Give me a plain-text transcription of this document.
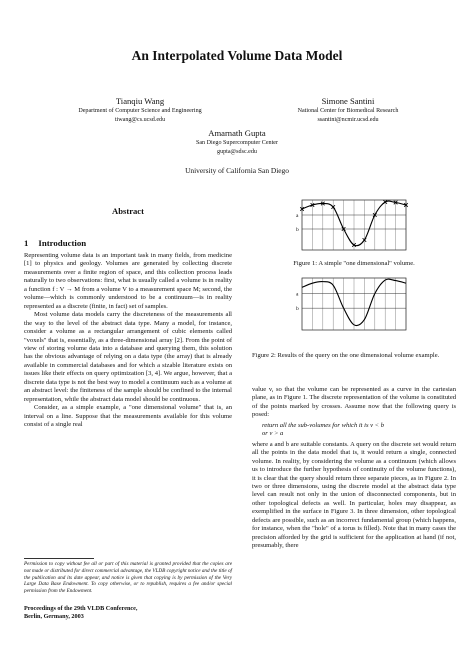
An Interpolated Volume Data Model
Tianqiu Wang
Department of Computer Science and Engineering
tiwang@cs.ucsd.edu
Simone Santini
National Center for Biomedical Research
ssantini@ncmir.ucsd.edu
Amarnath Gupta
San Diego Supercomputer Center
gupta@sdsc.edu
University of California San Diego
Abstract
1 Introduction

Representing volume data is an important task in many fields, from medicine [1] to physics and geology. Volumes are generated by collecting discrete measurements over a finite region of space, and this collection process leads naturally to two observations: first, what is usually called a volume is in reality a function f : V → M from a volume V to a measurement space M; second, the volume—which is commonly understood to be a continuum—is in reality represented as a discrete (finite, in fact) set of samples.

Most volume data models carry the discreteness of the measurements all the way to the level of the abstract data type. Many a model, for instance, consider a volume as a rectangular arrangement of cubic elements called "voxels" that is, essentially, as a three-dimensional array [2]. From the point of view of storing volume data into a database and querying them, this solution has the obvious advantage of relying on a data type (the array) that is already available in commercial databases and for which a sizable literature exists on issues like their effects on query optimization [3, 4]. We argue, however, that a discrete data type is not the best way to model a continuum such as a volume at an abstract level: the finiteness of the sample should be confined to the internal representation, while the abstract data model should be continuous.

Consider, as a simple example, a "one dimensional volume" that is, an interval on a line. Suppose that the measurements available for this volume consist of a single real

Permission to copy without fee all or part of this material is granted provided that the copies are not made or distributed for direct commercial advantage, the VLDB copyright notice and the title of the publication and its date appear, and notice is given that copying is by permission of the Very Large Data Base Endowment. To copy otherwise, or to republish, requires a fee and/or special permission from the Endowment.
Proceedings of the 29th VLDB Conference,
Berlin, Germany, 2003
a
b
Figure 1: A simple "one dimensional" volume.
a
b
Figure 2: Results of the query on the one dimensional volume example.

value v, so that the volume can be represented as a curve in the cartesian plane, as in Figure 1. The discrete representation of the volume is constituted of the points marked by crosses. Assume now that the following query is posed:

return all the sub-volumes for which it is v < b
or v > a

where a and b are suitable constants. A query on the discrete set would return all the points in the data model that is, it would return a single, connected volume. In reality, by considering the volume as a continuum (which allows us to introduce the further hypothesis of continuity of the volume functions), it is clear that the query should return three separate pieces, as in Figure 2. In two or three dimensions, using the discrete model at the abstract data type level can result not only in the union of disconnected components, but in other topological defects as well. In particular, holes may disappear, as exemplified in the surface in Figure 3. In three dimension, other topological defects are possible, such as an incorrect fundamental group (which happens, for instance, when the "hole" of a torus is filled). Note that in many cases the precision afforded by the grid is sufficient for the application at hand (if not, presumably, there
